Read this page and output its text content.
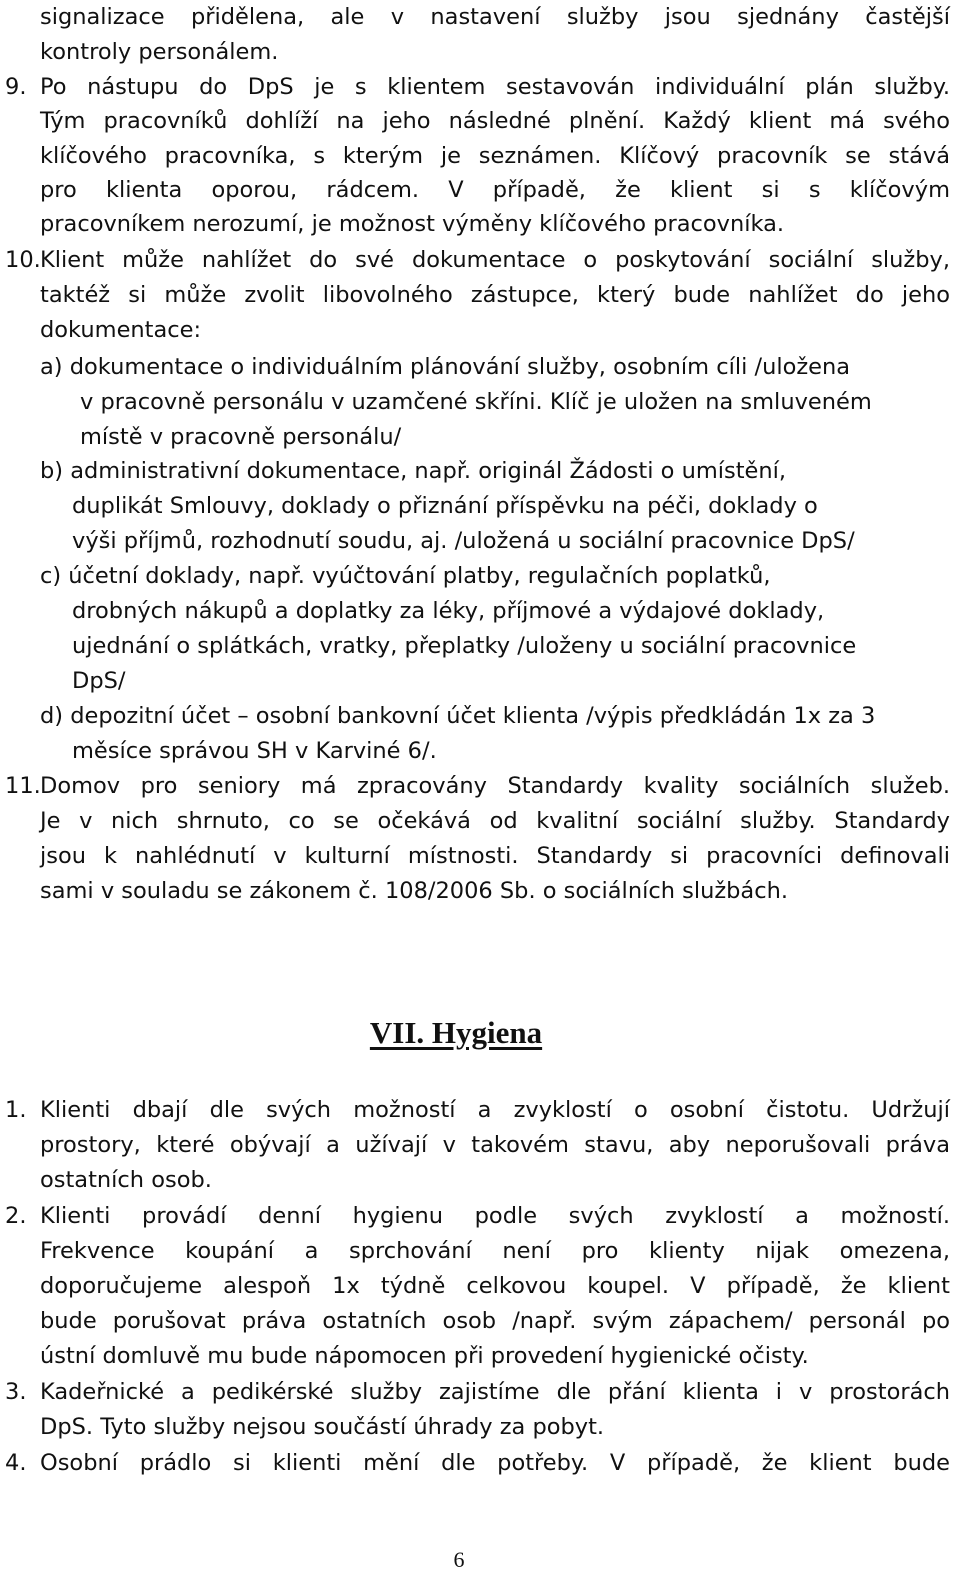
signalizace přidělena, ale v nastavení služby jsou sjednány častější
kontroly personálem.
9. Po nástupu do DpS je s klientem sestavován individuální plán služby.
Tým pracovníků dohlíží na jeho následné plnění. Každý klient má svého
klíčového pracovníka, s kterým je seznámen. Klíčový pracovník se stává
pro klienta oporou, rádcem. V případě, že klient si s klíčovým
pracovníkem nerozumí, je možnost výměny klíčového pracovníka.
10. Klient může nahlížet do své dokumentace o poskytování sociální služby,
taktéž si může zvolit libovolného zástupce, který bude nahlížet do jeho
dokumentace:
a) dokumentace o individuálním plánování služby, osobním cíli /uložena
v pracovně personálu v uzamčené skříni. Klíč je uložen na smluveném
místě v pracovně personálu/
b) administrativní dokumentace, např. originál Žádosti o umístění,
duplikát Smlouvy, doklady o přiznání příspěvku na péči, doklady o
výši příjmů, rozhodnutí soudu, aj. /uložená u sociální pracovnice DpS/
c) účetní doklady, např. vyúčtování platby, regulačních poplatků,
drobných nákupů a doplatky za léky, příjmové a výdajové doklady,
ujednání o splátkách, vratky, přeplatky /uloženy u sociální pracovnice
DpS/
d) depozitní účet – osobní bankovní účet klienta /výpis předkládán 1x za 3
měsíce správou SH v Karviné 6/.
11. Domov pro seniory má zpracovány Standardy kvality sociálních služeb.
Je v nich shrnuto, co se očekává od kvalitní sociální služby. Standardy
jsou k nahlédnutí v kulturní místnosti. Standardy si pracovníci definovali
sami v souladu se zákonem č. 108/2006 Sb. o sociálních službách.
VII. Hygiena
1. Klienti dbají dle svých možností a zvyklostí o osobní čistotu. Udržují
prostory, které obývají a užívají v takovém stavu, aby neporušovali práva
ostatních osob.
2. Klienti provádí denní hygienu podle svých zvyklostí a možností.
Frekvence koupání a sprchování není pro klienty nijak omezena,
doporučujeme alespoň 1x týdně celkovou koupel. V případě, že klient
bude porušovat práva ostatních osob /např. svým zápachem/ personál po
ústní domluvě mu bude nápomocen při provedení hygienické očisty.
3. Kadeřnické a pedikérské služby zajistíme dle přání klienta i v prostorách
DpS. Tyto služby nejsou součástí úhrady za pobyt.
4. Osobní prádlo si klienti mění dle potřeby. V případě, že klient bude
6
